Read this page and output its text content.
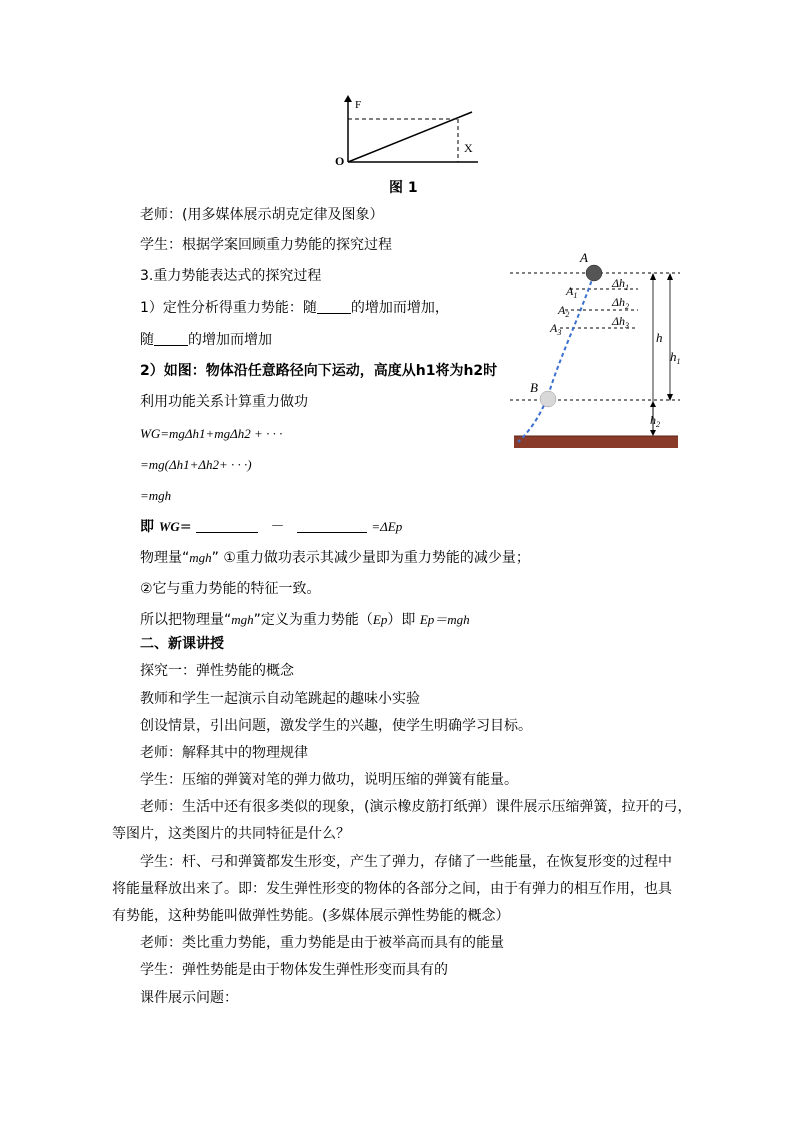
F
X
O
图 1
A
$A_1$
$A_2$
$A_3$
$\Delta h_1$
$\Delta h_2$
$\Delta h_3$
B
h
$h_1$
$h_2$
老师：(用多媒体展示胡克定律及图象）
学生：根据学案回顾重力势能的探究过程
3.重力势能表达式的探究过程
1）定性分析得重力势能：随 的增加而增加，
随 的增加而增加
2）如图：物体沿任意路径向下运动，高度从h1将为h2时
利用功能关系计算重力做功
WG=mgΔh1+mgΔh2 + · · ·
=mg(Δh1+Δh2+ · · ·)
=mgh
即 WG=	－	=ΔEp
物理量“mgh” ①重力做功表示其减少量即为重力势能的减少量；
②它与重力势能的特征一致。
所以把物理量“mgh”定义为重力势能（Ep）即 Ep＝mgh
二、新课讲授
探究一：弹性势能的概念
教师和学生一起演示自动笔跳起的趣味小实验
创设情景，引出问题，激发学生的兴趣，使学生明确学习目标。
老师：解释其中的物理规律
学生：压缩的弹簧对笔的弹力做功，说明压缩的弹簧有能量。
老师：生活中还有很多类似的现象，(演示橡皮筋打纸弹）课件展示压缩弹簧，拉开的弓，
等图片，这类图片的共同特征是什么？
学生：杆、弓和弹簧都发生形变，产生了弹力，存储了一些能量，在恢复形变的过程中
将能量释放出来了。即：发生弹性形变的物体的各部分之间，由于有弹力的相互作用，也具
有势能，这种势能叫做弹性势能。(多媒体展示弹性势能的概念）
老师：类比重力势能，重力势能是由于被举高而具有的能量
学生：弹性势能是由于物体发生弹性形变而具有的
课件展示问题：
